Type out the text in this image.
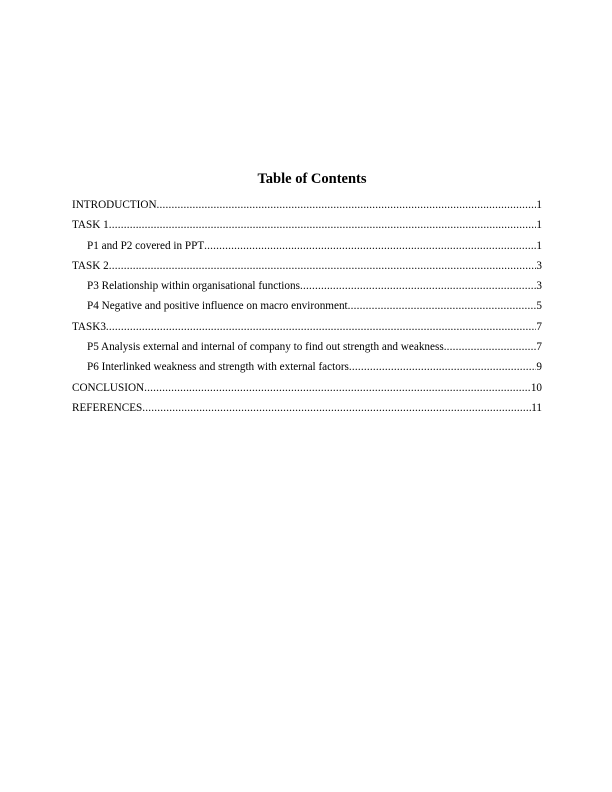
Table of Contents
INTRODUCTION .....	1
TASK 1 .....	1
P1 and P2 covered in PPT .....	1
TASK 2 .....	3
P3 Relationship within organisational functions .....	3
P4 Negative and positive influence on macro environment .....	5
TASK3 .....	7
P5 Analysis external and internal of company to find out strength and weakness .....	7
P6 Interlinked weakness and strength with external factors .....	9
CONCLUSION .....	10
REFERENCES .....	11
